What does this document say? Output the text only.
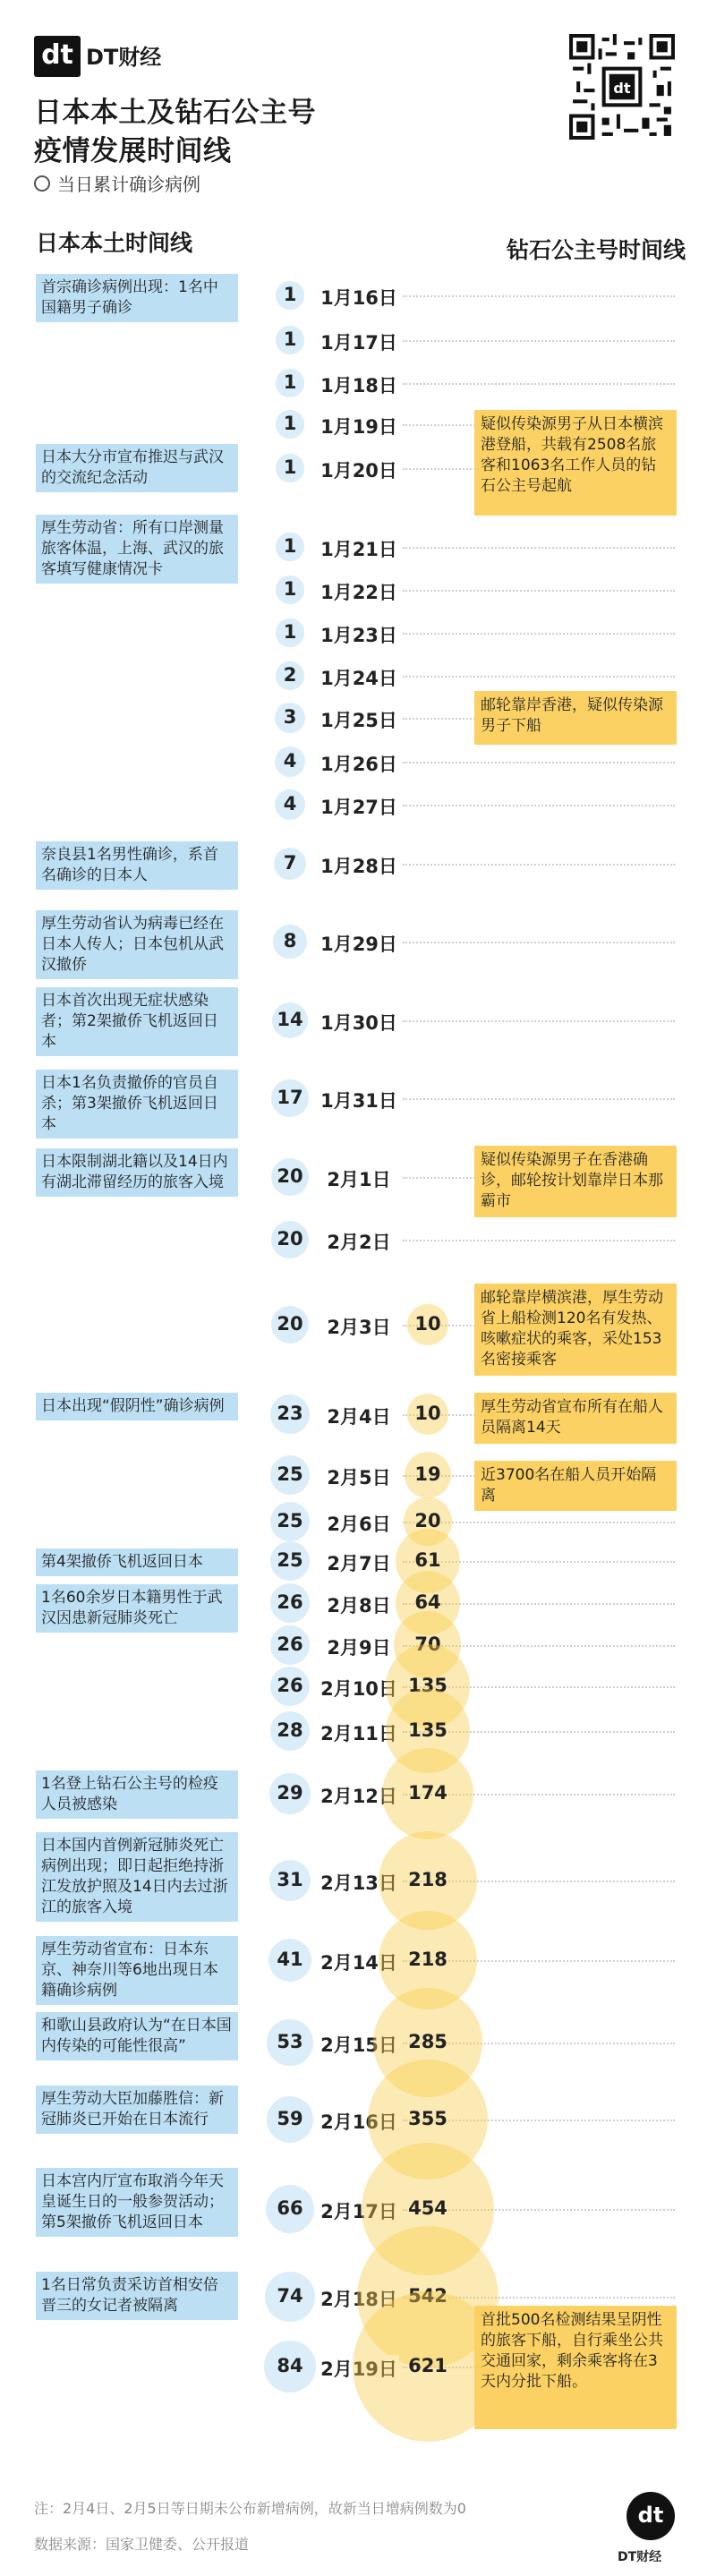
dt DT财经
dt
日本本土及钻石公主号
疫情发展时间线
当日累计确诊病例
日本本土时间线	钻石公主号时间线
1	1月16日
首宗确诊病例出现：1名中国籍男子确诊
1	1月17日
1	1月18日
1	1月19日
1	1月20日
日本大分市宣布推迟与武汉的交流纪念活动
疑似传染源男子从日本横滨港登船，共载有2508名旅客和1063名工作人员的钻石公主号起航
1	1月21日
厚生劳动省：所有口岸测量旅客体温，上海、武汉的旅客填写健康情况卡
1	1月22日
1	1月23日
2	1月24日
3	1月25日
邮轮靠岸香港，疑似传染源男子下船
4	1月26日
4	1月27日
7	1月28日
奈良县1名男性确诊，系首名确诊的日本人
8	1月29日
厚生劳动省认为病毒已经在日本人传人；日本包机从武汉撤侨
14 1月30日
日本首次出现无症状感染者；第2架撤侨飞机返回日本
17 1月31日
日本1名负责撤侨的官员自杀；第3架撤侨飞机返回日本
20	2月1日
日本限制湖北籍以及14日内有湖北滞留经历的旅客入境
疑似传染源男子在香港确诊，邮轮按计划靠岸日本那霸市
20	2月2日
20	2月3日	10
邮轮靠岸横滨港，厚生劳动省上船检测120名有发热、咳嗽症状的乘客，采处153名密接乘客
23	2月4日	10
日本出现“假阴性”确诊病例	厚生劳动省宣布所有在船人员隔离14天
25	2月5日	19	近3700名在船人员开始隔离
25	2月6日	20
25	2月7日	61
第4架撤侨飞机返回日本
26	2月8日	64
1名60余岁日本籍男性于武汉因患新冠肺炎死亡
26	2月9日	70
26 2月10日 135
28 2月11日 135
29 2月12日 174
1名登上钻石公主号的检疫人员被感染
31 2月13日 218
日本国内首例新冠肺炎死亡病例出现；即日起拒绝持浙江发放护照及14日内去过浙江的旅客入境
41 2月14日 218
厚生劳动省宣布：日本东京、神奈川等6地出现日本籍确诊病例
53 2月15日 285
和歌山县政府认为“在日本国内传染的可能性很高”
59 2月16日 355
厚生劳动大臣加藤胜信：新冠肺炎已开始在日本流行
66 2月17日 454
日本宫内厅宣布取消今年天皇诞生日的一般参贺活动；第5架撤侨飞机返回日本
74 2月18日 542
1名日常负责采访首相安倍晋三的女记者被隔离
84 2月19日 621
首批500名检测结果呈阴性的旅客下船，自行乘坐公共交通回家，剩余乘客将在3天内分批下船。
注：2月4日、2月5日等日期未公布新增病例，故新当日增病例数为0
数据来源：国家卫健委、公开报道
dt
DT财经
